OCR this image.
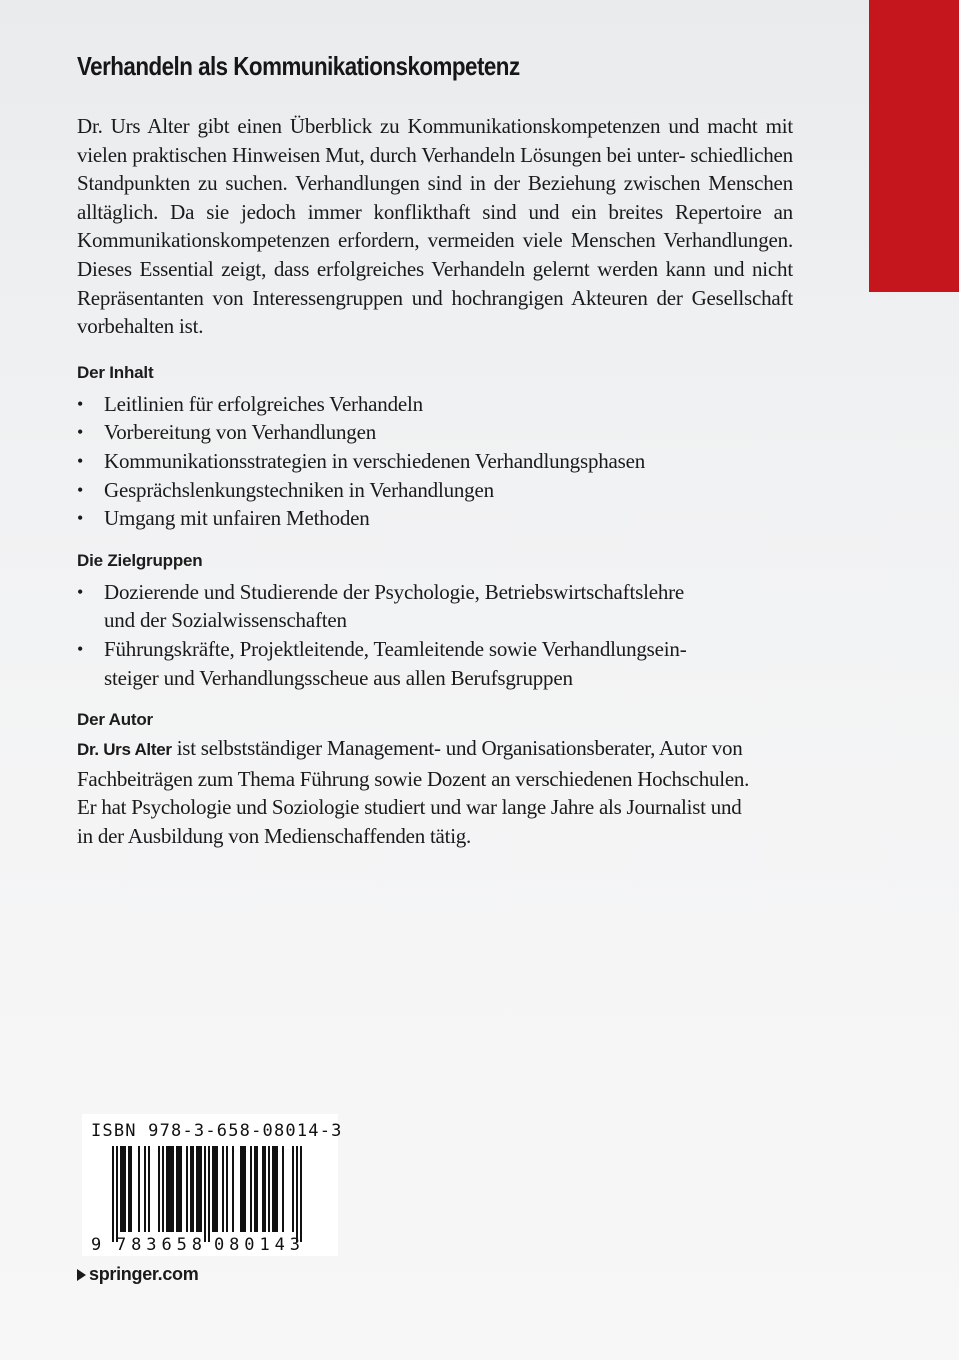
Verhandeln als Kommunikationskompetenz
Dr. Urs Alter gibt einen Überblick zu Kommunikationskompetenzen und macht mit vielen praktischen Hinweisen Mut, durch Verhandeln Lösungen bei unter- schiedlichen Standpunkten zu suchen. Verhandlungen sind in der Beziehung zwischen Menschen alltäglich. Da sie jedoch immer konflikthaft sind und ein breites Repertoire an Kommunikationskompetenzen erfordern, vermeiden viele Menschen Verhandlungen. Dieses Essential zeigt, dass erfolgreiches Verhandeln gelernt werden kann und nicht Repräsentanten von Interessengruppen und hochrangigen Akteuren der Gesellschaft vorbehalten ist.
Der Inhalt
• Leitlinien für erfolgreiches Verhandeln
• Vorbereitung von Verhandlungen
• Kommunikationsstrategien in verschiedenen Verhandlungsphasen
• Gesprächslenkungstechniken in Verhandlungen
• Umgang mit unfairen Methoden
Die Zielgruppen
• Dozierende und Studierende der Psychologie, Betriebswirtschaftslehre
und der Sozialwissenschaften
• Führungskräfte, Projektleitende, Teamleitende sowie Verhandlungsein-
steiger und Verhandlungsscheue aus allen Berufsgruppen
Der Autor
Dr. Urs Alter ist selbstständiger Management- und Organisationsberater, Autor von
Fachbeiträgen zum Thema Führung sowie Dozent an verschiedenen Hochschulen.
Er hat Psychologie und Soziologie studiert und war lange Jahre als Journalist und
in der Ausbildung von Medienschaffenden tätig.
ISBN 978-3-658-08014-3
9 783658 080143
springer.com
